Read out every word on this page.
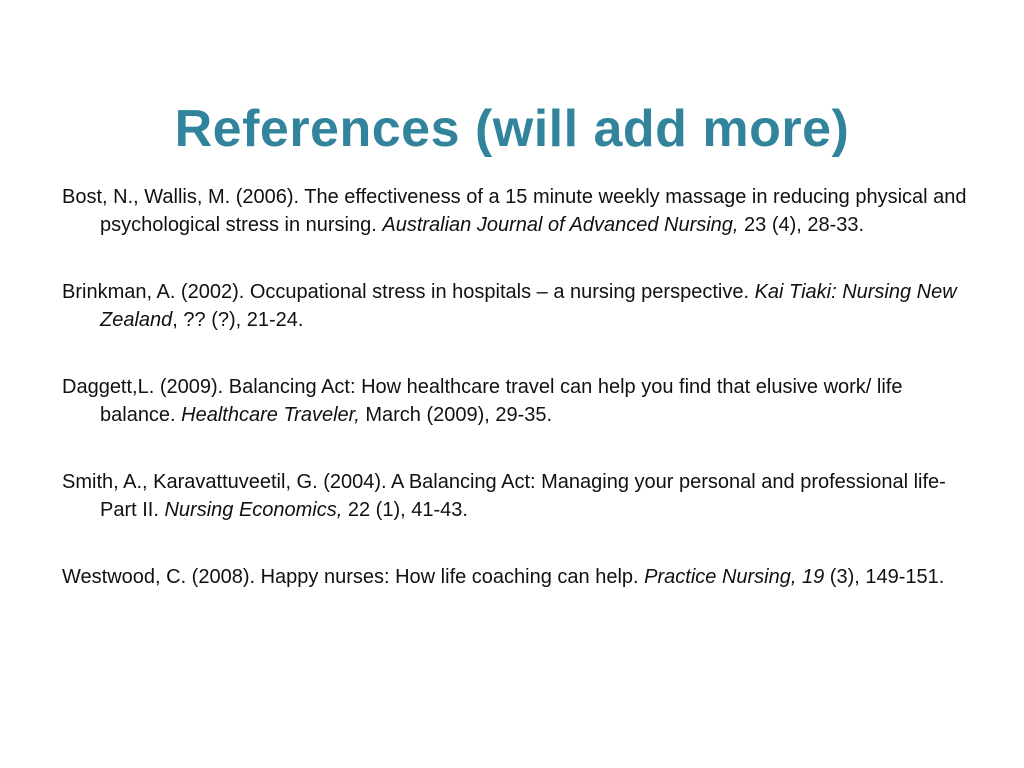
References (will add more)

Bost, N., Wallis, M. (2006). The effectiveness of a 15 minute weekly massage in reducing physical and psychological stress in nursing. Australian Journal of Advanced Nursing, 23 (4), 28-33.

Brinkman, A. (2002). Occupational stress in hospitals – a nursing perspective. Kai Tiaki: Nursing New Zealand, ?? (?), 21-24.

Daggett,L. (2009). Balancing Act: How healthcare travel can help you find that elusive work/ life balance. Healthcare Traveler, March (2009), 29-35.

Smith, A., Karavattuveetil, G. (2004). A Balancing Act: Managing your personal and professional life- Part II. Nursing Economics, 22 (1), 41-43.

Westwood, C. (2008). Happy nurses: How life coaching can help. Practice Nursing, 19 (3), 149-151.
